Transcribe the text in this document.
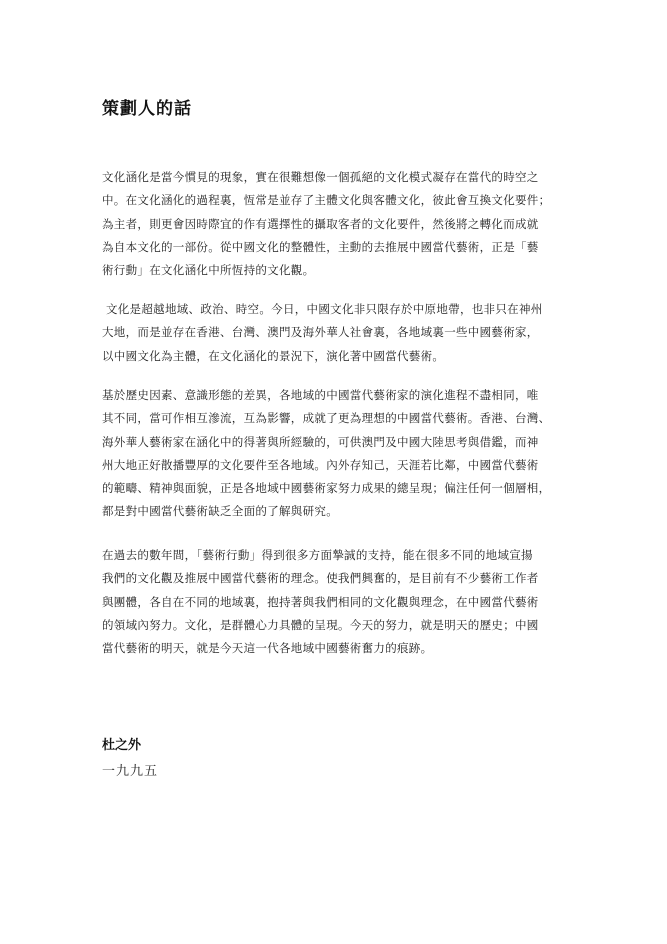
策劃人的話

文化涵化是當今慣見的現象，實在很難想像一個孤絕的文化模式凝存在當代的時空之
中。在文化涵化的過程裏，恆常是並存了主體文化與客體文化，彼此會互換文化要件；
為主者，則更會因時際宜的作有選擇性的攝取客者的文化要件，然後將之轉化而成就
為自本文化的一部份。從中國文化的整體性，主動的去推展中國當代藝術，正是「藝
術行動」在文化涵化中所恆持的文化觀。

文化是超越地域、政治、時空。今日，中國文化非只限存於中原地帶，也非只在神州
大地，而是並存在香港、台灣、澳門及海外華人社會裏，各地域裏一些中國藝術家，
以中國文化為主體，在文化涵化的景況下，演化著中國當代藝術。

基於歷史因素、意識形態的差異，各地域的中國當代藝術家的演化進程不盡相同，唯
其不同，當可作相互滲流，互為影響，成就了更為理想的中國當代藝術。香港、台灣、
海外華人藝術家在涵化中的得著與所經驗的，可供澳門及中國大陸思考與借鑑，而神
州大地正好散播豐厚的文化要件至各地域。內外存知己，天涯若比鄰，中國當代藝術
的範疇、精神與面貌，正是各地域中國藝術家努力成果的總呈現；偏注任何一個層相，
都是對中國當代藝術缺乏全面的了解與研究。

在過去的數年間，「藝術行動」得到很多方面摯誠的支持，能在很多不同的地域宣揚
我們的文化觀及推展中國當代藝術的理念。使我們興奮的，是目前有不少藝術工作者
與團體，各自在不同的地域裏，抱持著與我們相同的文化觀與理念，在中國當代藝術
的領域內努力。文化，是群體心力具體的呈現。今天的努力，就是明天的歷史；中國
當代藝術的明天，就是今天這一代各地域中國藝術奮力的痕跡。

杜之外

一九九五
